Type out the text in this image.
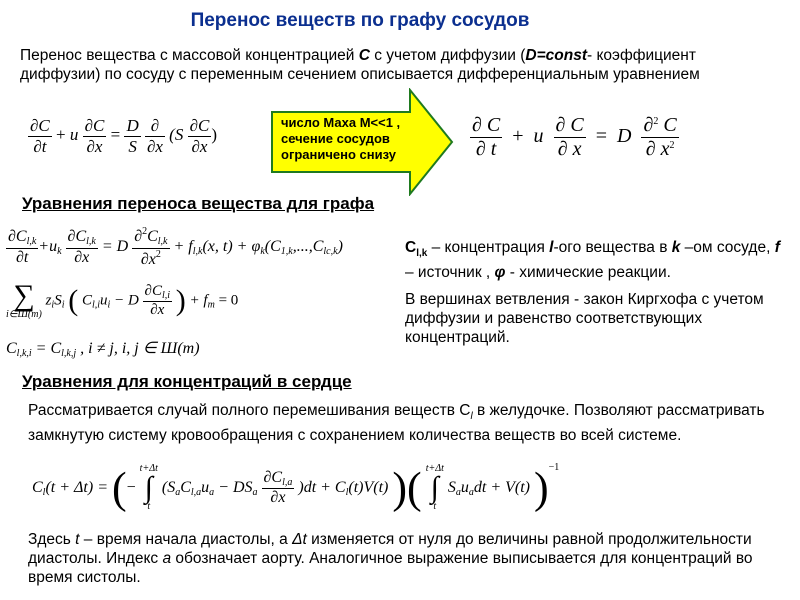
Перенос веществ по графу сосудов
Перенос вещества с массовой концентрацией C с учетом диффузии (D=const- коэффициент диффузии) по сосуду с переменным сечением описывается дифференциальным уравнением
$\frac{\partial C}{\partial t} + u \frac{\partial C}{\partial x} = \frac{D}{S}$
$\frac{\partial}{\partial x} (S \frac{\partial C}{\partial x}$ )
число Маха M<<1 ,
сечение сосудов
ограничено снизу	$\frac{\partial C}{\partial t} + u \frac{\partial C}{\partial x} = D \frac{\partial^2 C}{\partial x^2}$
Уравнения переноса вещества для графа
$\frac{\partial C_{l,k}}{\partial t} +u_k \frac{\partial C_{l,k}}{\partial x} = D \frac{\partial^2C_{l,k}}{\partial x^2} + f_{l,k}(x$, $t) + \varphi_k(C_{1,k},...,C_{lc,k})$
∑
i∈Ш(m)
$z_iS_i$ ( $C_{l,i}u_i - D \frac{\partial C_{l,i}}{\partial x}$ ) + $f_m = 0$
$C_{l,k,i} = C_{l,k,j}$ , i ≠ j, i, j ∈ Ш(m)
$C_{l,k}$ – концентрация l-ого вещества в k –ом сосуде, f – источник , φ - химические реакции.
В вершинах ветвления - закон Киргхофа с учетом диффузии и равенство соответствующих концентраций.
Уравнения для концентраций в сердце
Рассматривается случай полного перемешивания веществ $C_l$ в желудочке. Позволяют рассматривать замкнутую систему кровообращения с сохранением количества веществ во всей системе.
$C_l(t + \Delta t)$ = (−
t+Δt
∫
t
$(S_aC_{l,a}u_a - DS_a \frac{\partial C_{l,a}}{\partial x} )dt + C_l(t)V(t)$ )( t+Δt
∫
t
$S_au_adt + V(t)$ )$^{-1}$
Здесь t – время начала диастолы, а Δt изменяется от нуля до величины равной продолжительности диастолы. Индекс a обозначает аорту. Аналогичное выражение выписывается для концентраций во время систолы.
